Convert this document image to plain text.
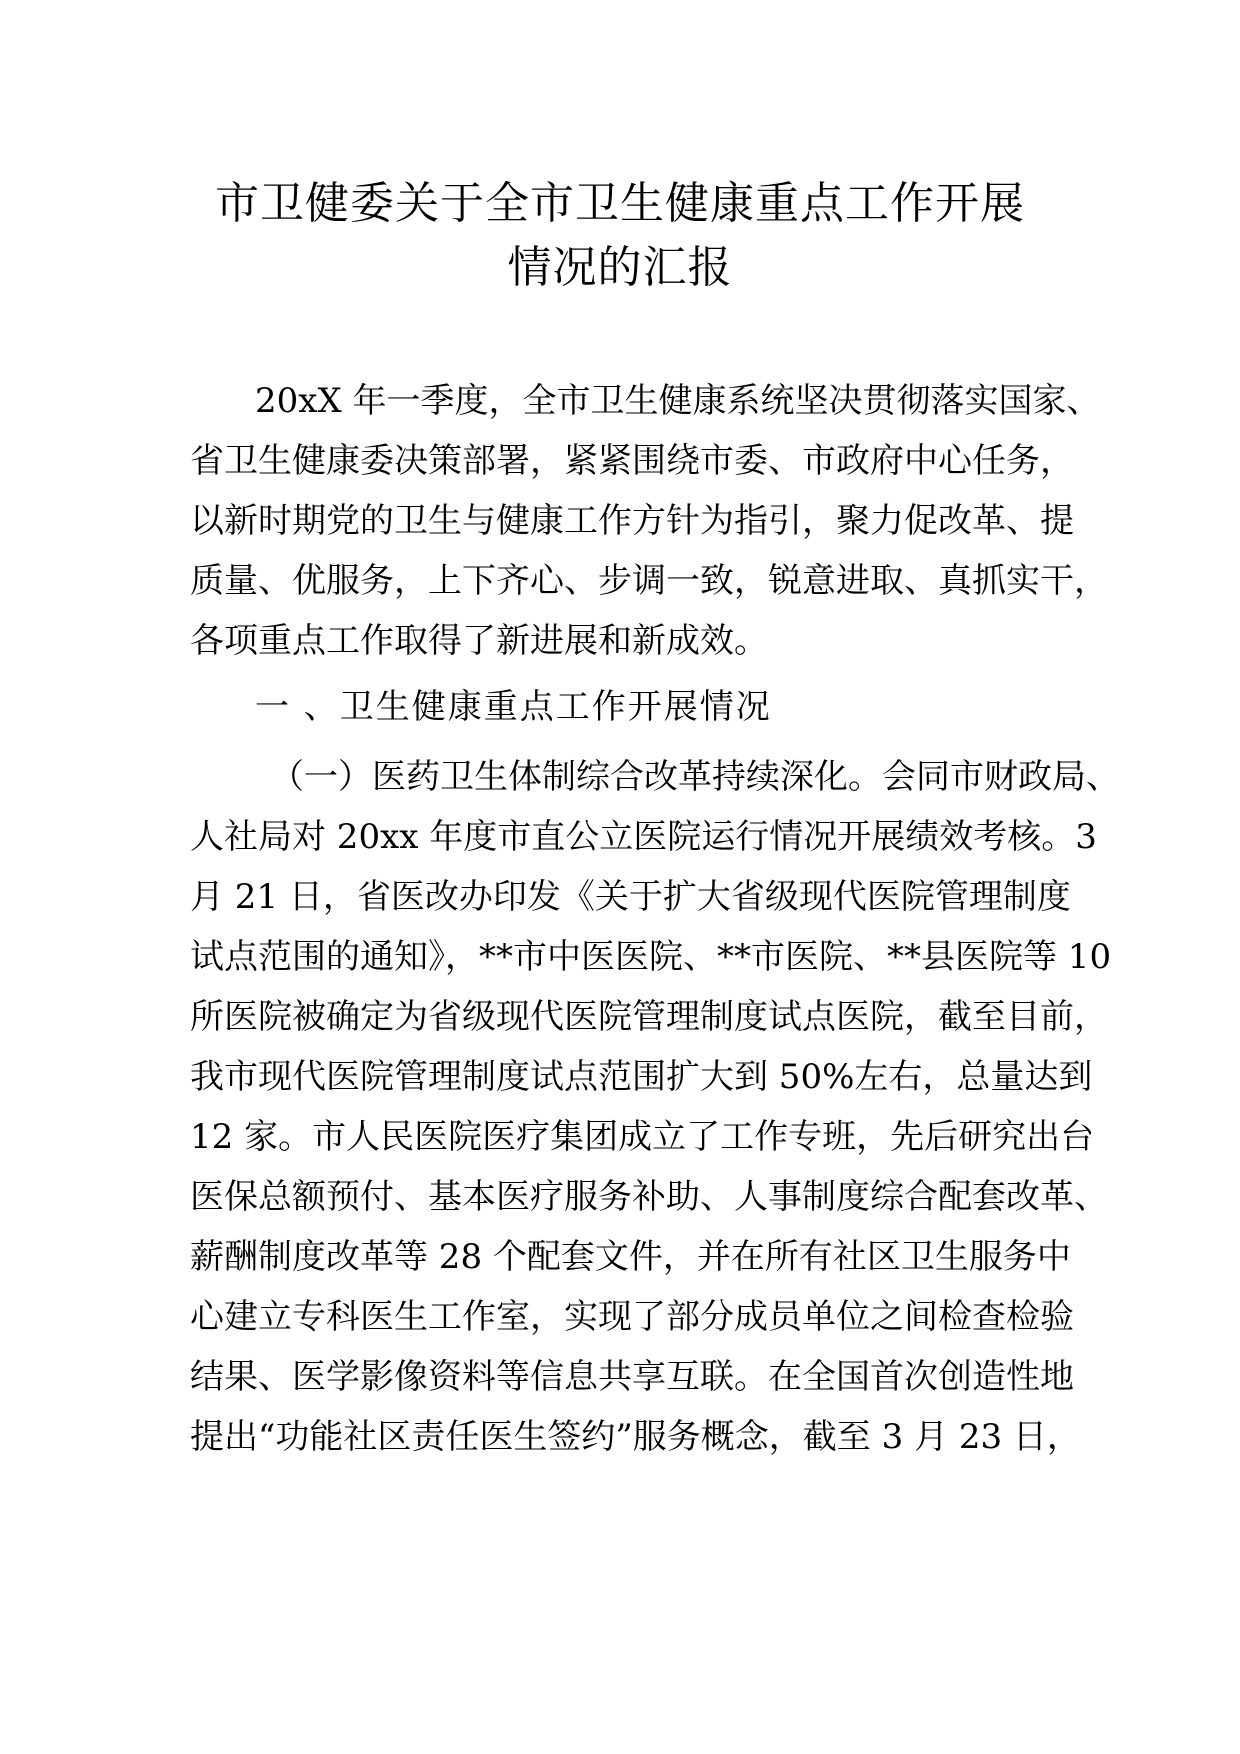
市卫健委关于全市卫生健康重点工作开展
情况的汇报

20xX 年一季度，全市卫生健康系统坚决贯彻落实国家、

省卫生健康委决策部署，紧紧围绕市委、市政府中心任务，

以新时期党的卫生与健康工作方针为指引，聚力促改革、提

质量、优服务，上下齐心、步调一致，锐意进取、真抓实干，

各项重点工作取得了新进展和新成效。

一 、卫生健康重点工作开展情况

（一）医药卫生体制综合改革持续深化。会同市财政局、

人社局对 20xx 年度市直公立医院运行情况开展绩效考核。3

月 21 日，省医改办印发《关于扩大省级现代医院管理制度

试点范围的通知》，**市中医医院、**市医院、**县医院等 10

所医院被确定为省级现代医院管理制度试点医院，截至目前，

我市现代医院管理制度试点范围扩大到 50%左右，总量达到

12 家。市人民医院医疗集团成立了工作专班，先后研究出台

医保总额预付、基本医疗服务补助、人事制度综合配套改革、

薪酬制度改革等 28 个配套文件，并在所有社区卫生服务中

心建立专科医生工作室，实现了部分成员单位之间检查检验

结果、医学影像资料等信息共享互联。在全国首次创造性地

提出“功能社区责任医生签约”服务概念，截至 3 月 23 日，
